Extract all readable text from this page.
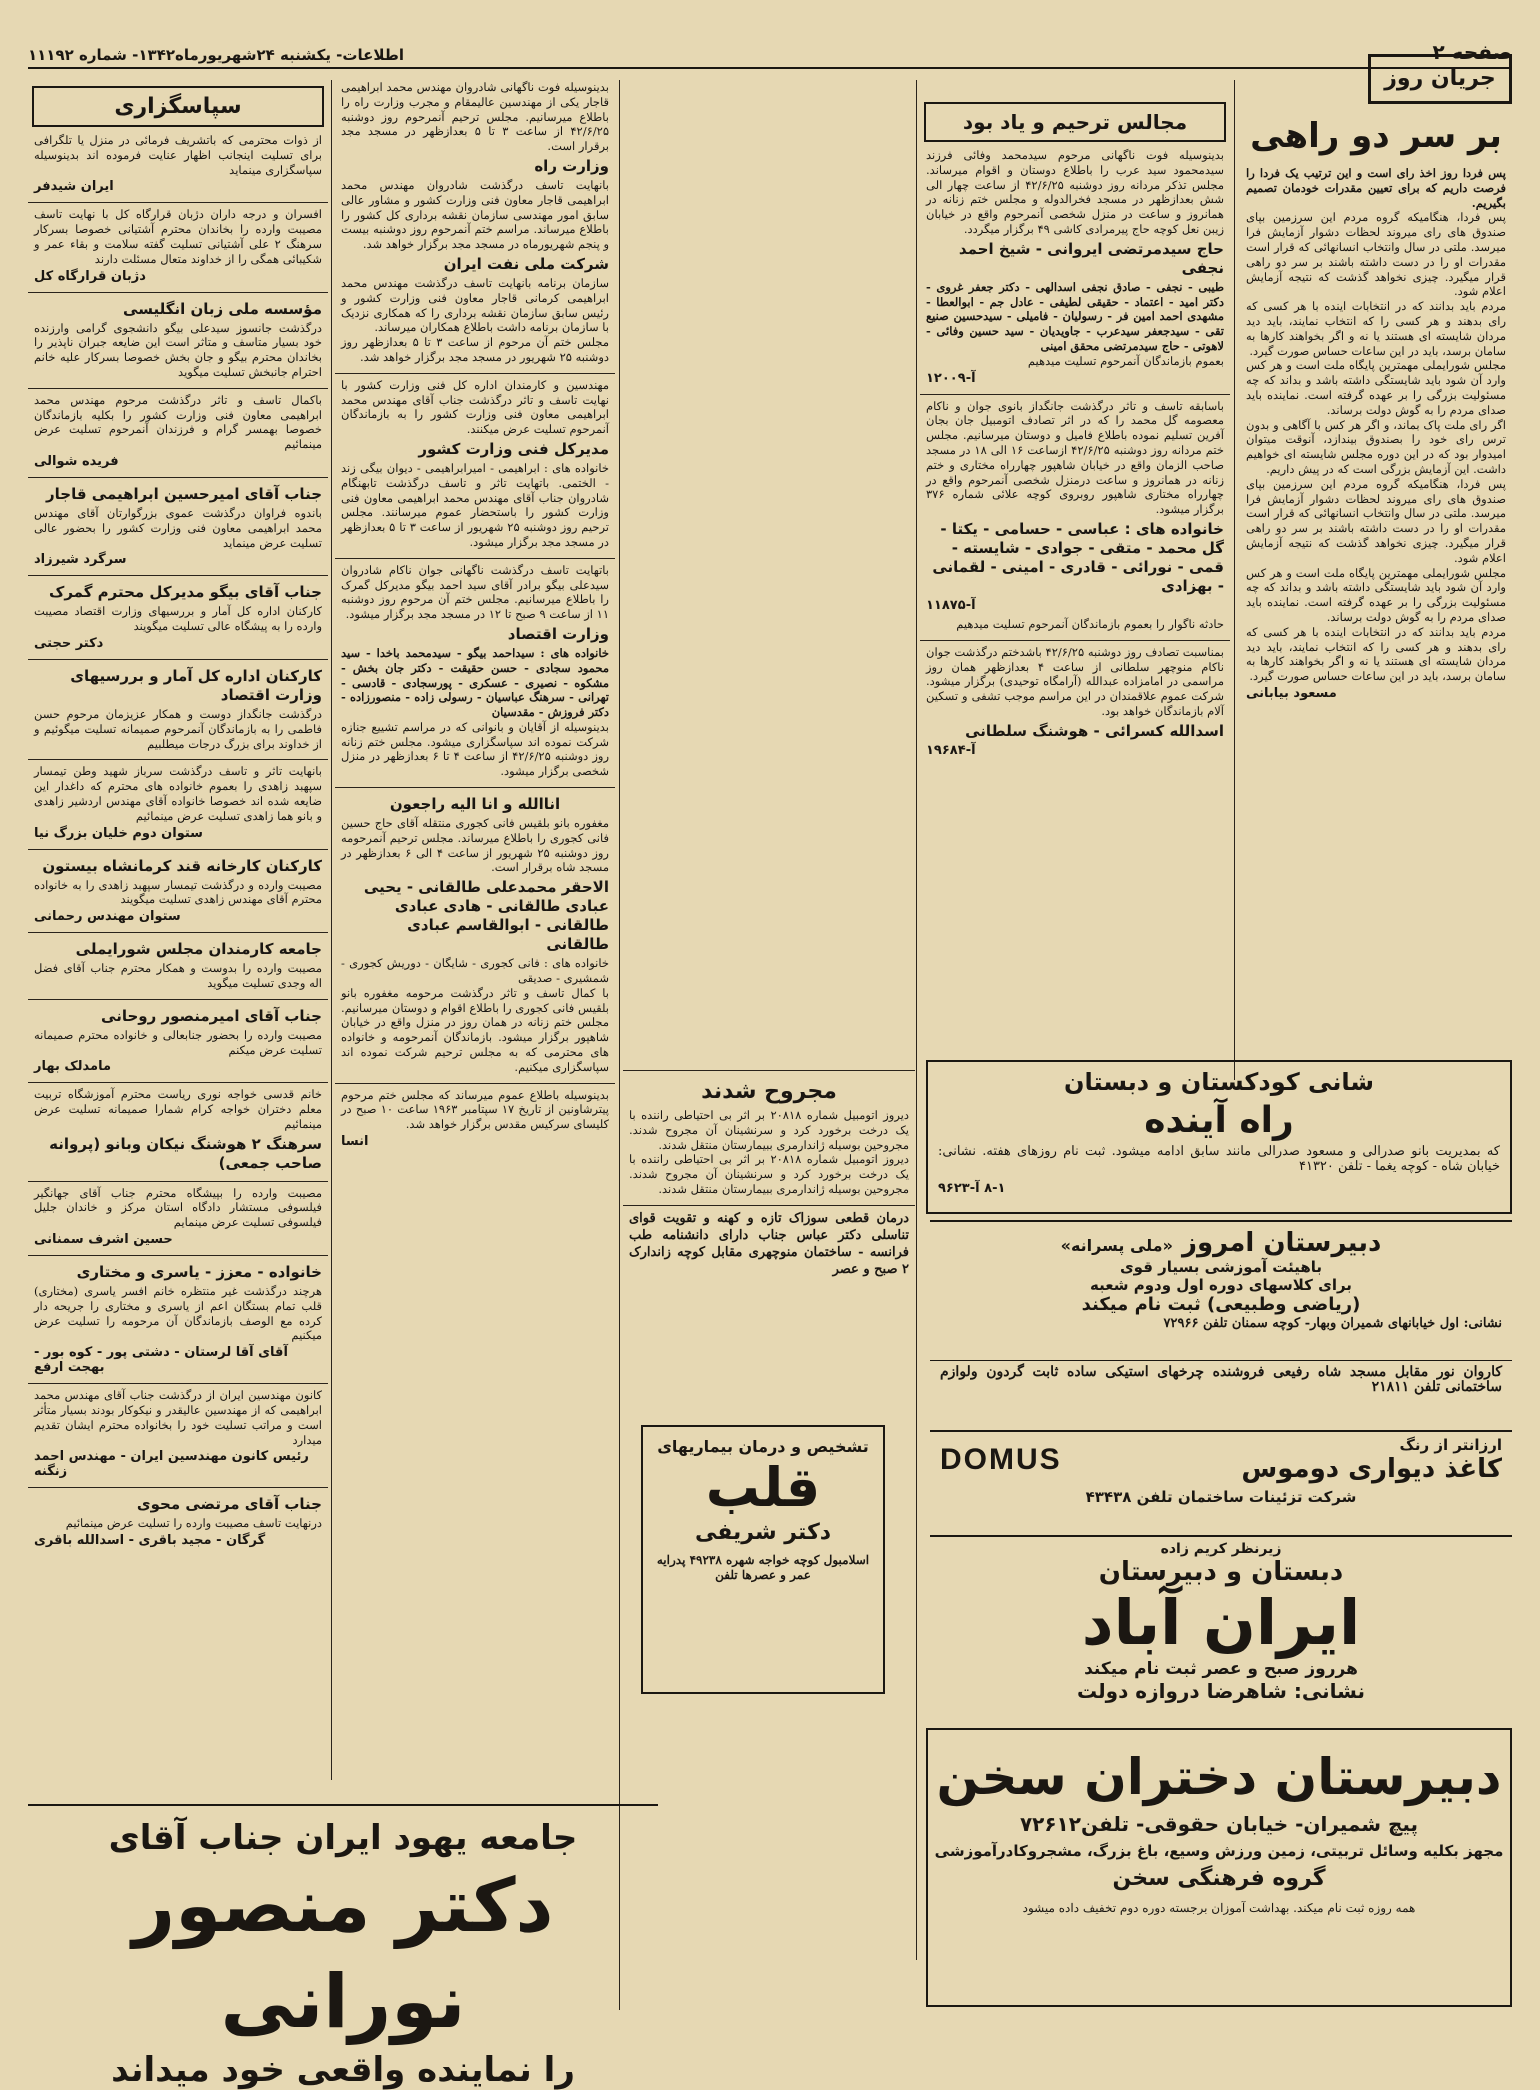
صفحه ۲
اطلاعات- یکشنبه ۲۴شهریورماه۱۳۴۲- شماره ۱۱۱۹۲
جریان روز
بر سر دو راهی

پس فردا روز اخذ رای است و این ترتیب یک فردا را فرصت داریم که برای تعیین مقدرات خودمان تصمیم بگیریم.

پس فردا، هنگامیکه گروه مردم این سرزمین بپای صندوق های رای میروند لحظات دشوار آزمایش فرا میرسد. ملتی در سال وانتخاب انسانهائی که قرار است مقدرات او را در دست داشته باشند بر سر دو راهی قرار میگیرد. چیزی نخواهد گذشت که نتیجه آزمایش اعلام شود.

مردم باید بدانند که در انتخابات اینده با هر کسی که رای بدهند و هر کسی را که انتخاب نمایند، باید دید مردان شایسته ای هستند یا نه و اگر بخواهند کارها به سامان برسد، باید در این ساعات حساس صورت گیرد.

مجلس شورایملی مهمترین پایگاه ملت است و هر کس وارد آن شود باید شایستگی داشته باشد و بداند که چه مسئولیت بزرگی را بر عهده گرفته است. نماینده باید صدای مردم را به گوش دولت برساند.

اگر رای ملت پاک بماند، و اگر هر کس با آگاهی و بدون ترس رای خود را بصندوق بیندازد، آنوقت میتوان امیدوار بود که در این دوره مجلس شایسته ای خواهیم داشت. این آزمایش بزرگی است که در پیش داریم.

پس فردا، هنگامیکه گروه مردم این سرزمین بپای صندوق های رای میروند لحظات دشوار آزمایش فرا میرسد. ملتی در سال وانتخاب انسانهائی که قرار است مقدرات او را در دست داشته باشند بر سر دو راهی قرار میگیرد. چیزی نخواهد گذشت که نتیجه آزمایش اعلام شود.

مجلس شورایملی مهمترین پایگاه ملت است و هر کس وارد آن شود باید شایستگی داشته باشد و بداند که چه مسئولیت بزرگی را بر عهده گرفته است. نماینده باید صدای مردم را به گوش دولت برساند.

مردم باید بدانند که در انتخابات اینده با هر کسی که رای بدهند و هر کسی را که انتخاب نمایند، باید دید مردان شایسته ای هستند یا نه و اگر بخواهند کارها به سامان برسد، باید در این ساعات حساس صورت گیرد.

مسعود بیابانی
شانی کودکستان و دبستان
راه آینده

که بمدیریت بانو صدرالی و مسعود صدرالی مانند سابق ادامه میشود. ثبت نام روزهای هفته. نشانی: خیابان شاه - کوچه یغما - تلفن ۴۱۳۲۰

۸-۱ آ-۹۶۲۳
دبیرستان امروز «ملی پسرانه»
باهیئت آموزشی بسیار قوی
برای کلاسهای دوره اول ودوم شعبه
(ریاضی وطبیعی) ثبت نام میکند
نشانی: اول خیابانهای شمیران وبهار- کوچه سمنان تلفن ۷۲۹۶۶

کاروان نور مقابل مسجد شاه رفیعی فروشنده چرخهای استیکی ساده ثابت گردون ولوازم ساختمانی تلفن ۲۱۸۱۱

ارزانتر از رنگ
کاغذ دیواری دوموس
DOMUS
شرکت تزئینات ساختمان تلفن ۴۳۴۳۸
زیرنظر کریم زاده
دبستان و دبیرستان
ایران آباد
هرروز صبح و عصر ثبت نام میکند
نشانی: شاهرضا دروازه دولت
دبیرستان دختران سخن
پیچ شمیران- خیابان حقوقی- تلفن۷۲۶۱۲
مجهز بکلیه وسائل تربیتی، زمین ورزش وسیع، باغ بزرگ، مشجروکادرآموزشی
گروه فرهنگی سخن
همه روزه ثبت نام میکند. بهداشت آموزان برجسته دوره دوم تخفیف داده میشود
مجالس ترحیم و یاد بود

بدینوسیله فوت ناگهانی مرحوم سیدمحمد وفائی فرزند سیدمحمود سید عرب را باطلاع دوستان و اقوام میرساند. مجلس تذکر مردانه روز دوشنبه ۴۲/۶/۲۵ از ساعت چهار الی شش بعدازظهر در مسجد فخرالدوله و مجلس ختم زنانه در همانروز و ساعت در منزل شخصی آنمرحوم واقع در خیابان زیبن نعل کوچه حاج پیرمرادی کاشی ۴۹ برگزار میگردد.

حاج سیدمرتضی ایروانی - شیخ احمد نجفی

طیبی - نجفی - صادق نجفی اسدالهی - دکتر جعفر غروی - دکتر امید - اعتماد - حقیقی لطیفی - عادل جم - ابوالعطا - مشهدی احمد امین فر - رسولیان - فامیلی - سیدحسین صنیع تقی - سیدجعفر سیدعرب - جاویدیان - سید حسین وفائی - لاهوتی - حاج سیدمرتضی محقق امینی

بعموم بازماندگان آنمرحوم تسلیت میدهیم

آ-۱۲۰۰۹

باسابقه تاسف و تاثر درگذشت جانگداز بانوی جوان و ناکام معصومه گل محمد را که در اثر تصادف اتومبیل جان بجان آفرین تسلیم نموده باطلاع فامیل و دوستان میرسانیم. مجلس ختم مردانه روز دوشنبه ۴۲/۶/۲۵ ازساعت ۱۶ الی ۱۸ در مسجد صاحب الزمان واقع در خیابان شاهپور چهارراه مختاری و ختم زنانه در همانروز و ساعت درمنزل شخصی آنمرحوم واقع در چهارراه مختاری شاهپور روبروی کوچه علائی شماره ۳۷۶ برگزار میشود.

خانواده های : عباسی - حسامی - یکتا - گل محمد - متقی - جوادی - شایسته - قمی - نورائی - قادری - امینی - لقمانی - بهزادی
آ-۱۱۸۷۵

حادثه ناگوار را بعموم بازماندگان آنمرحوم تسلیت میدهیم

بمناسبت تصادف روز دوشنبه ۴۲/۶/۲۵ باشدختم درگذشت جوان ناکام منوچهر سلطانی از ساعت ۴ بعدازظهر همان روز مراسمی در امامزاده عبدالله (آرامگاه توحیدی) برگزار میشود. شرکت عموم علاقمندان در این مراسم موجب تشفی و تسکین آلام بازماندگان خواهد بود.

اسدالله کسرائی - هوشنگ سلطانی
آ-۱۹۶۸۴
مجروح شدند

دیروز اتومبیل شماره ۲۰۸۱۸ بر اثر بی احتیاطی راننده با یک درخت برخورد کرد و سرنشینان آن مجروح شدند. مجروحین بوسیله ژاندارمری ببیمارستان منتقل شدند.

دیروز اتومبیل شماره ۲۰۸۱۸ بر اثر بی احتیاطی راننده با یک درخت برخورد کرد و سرنشینان آن مجروح شدند. مجروحین بوسیله ژاندارمری ببیمارستان منتقل شدند.

درمان قطعی سوزاک تازه و کهنه و تقویت قوای تناسلی دکتر عباس جناب دارای دانشنامه طب فرانسه - ساختمان منوچهری مقابل کوچه زاندارک ۲ صبح و عصر

تشخیص و درمان بیماریهای
قلب
دکتر شریفی

اسلامبول کوچه خواجه شهره ۴۹۲۳۸ پدرایه عمر و عصرها تلفن

بدینوسیله فوت ناگهانی شادروان مهندس محمد ابراهیمی قاجار یکی از مهندسین عالیمقام و مجرب وزارت راه را باطلاع میرسانیم. مجلس ترحیم آنمرحوم روز دوشنبه ۴۲/۶/۲۵ از ساعت ۳ تا ۵ بعدازظهر در مسجد مجد برقرار است.

وزارت راه

بانهایت تاسف درگذشت شادروان مهندس محمد ابراهیمی قاجار معاون فنی وزارت کشور و مشاور عالی سابق امور مهندسی سازمان نقشه برداری کل کشور را باطلاع میرساند. مراسم ختم آنمرحوم روز دوشنبه بیست و پنجم شهریورماه در مسجد مجد برگزار خواهد شد.

شرکت ملی نفت ایران

سازمان برنامه بانهایت تاسف درگذشت مهندس محمد ابراهیمی کرمانی قاجار معاون فنی وزارت کشور و رئیس سابق سازمان نقشه برداری را که همکاری نزدیک با سازمان برنامه داشت باطلاع همکاران میرساند.

مجلس ختم آن مرحوم از ساعت ۳ تا ۵ بعدازظهر روز دوشنبه ۲۵ شهریور در مسجد مجد برگزار خواهد شد.

مهندسین و کارمندان اداره کل فنی وزارت کشور با نهایت تاسف و تاثر درگذشت جناب آقای مهندس محمد ابراهیمی معاون فنی وزارت کشور را به بازماندگان آنمرحوم تسلیت عرض میکنند.

مدیرکل فنی وزارت کشور

خانواده های : ابراهیمی - امیرابراهیمی - دیوان بیگی زند - الختمی. باتهایت تاثر و تاسف درگذشت تابهنگام شادروان جناب آقای مهندس محمد ابراهیمی معاون فنی وزارت کشور را باستحضار عموم میرسانند. مجلس ترحیم روز دوشنبه ۲۵ شهریور از ساعت ۳ تا ۵ بعدازظهر در مسجد مجد برگزار میشود.

باتهایت تاسف درگذشت ناگهانی جوان ناکام شادروان سیدعلی بیگو برادر آقای سید احمد بیگو مدیرکل گمرک را باطلاع میرسانیم. مجلس ختم آن مرحوم روز دوشنبه ۱۱ از ساعت ۹ صبح تا ۱۲ در مسجد مجد برگزار میشود.

وزارت اقتصاد

خانواده های : سیداحمد بیگو - سیدمحمد باخدا - سید محمود سجادی - حسن حقیقت - دکتر جان بخش - مشکوه - نصیری - عسکری - پورسجادی - قادسی - تهرانی - سرهنگ عباسیان - رسولی زاده - منصورزاده - دکتر فروزش - مقدسیان

بدینوسیله از آقایان و بانوانی که در مراسم تشییع جنازه شرکت نموده اند سپاسگزاری میشود. مجلس ختم زنانه روز دوشنبه ۴۲/۶/۲۵ از ساعت ۴ تا ۶ بعدازظهر در منزل شخصی برگزار میشود.

اناالله و انا الیه راجعون

مغفوره بانو بلقیس فانی کجوری منتقله آقای حاج حسین فانی کجوری را باطلاع میرساند. مجلس ترحیم آنمرحومه روز دوشنبه ۲۵ شهریور از ساعت ۴ الی ۶ بعدازظهر در مسجد شاه برقرار است.

الاحقر محمدعلی طالقانی - یحیی عبادی طالقانی - هادی عبادی طالقانی - ابوالقاسم عبادی طالقانی

خانواده های : فانی کجوری - شایگان - دوریش کجوری - شمشیری - صدیقی

با کمال تاسف و تاثر درگذشت مرحومه مغفوره بانو بلقیس فانی کجوری را باطلاع اقوام و دوستان میرسانیم. مجلس ختم زنانه در همان روز در منزل واقع در خیابان شاهپور برگزار میشود. بازماندگان آنمرحومه و خانواده های محترمی که به مجلس ترحیم شرکت نموده اند سپاسگزاری میکنیم.

بدینوسیله باطلاع عموم میرساند که مجلس ختم مرحوم پیترشاونین از تاریخ ۱۷ سپتامبر ۱۹۶۳ ساعت ۱۰ صبح در کلیسای سرکیس مقدس برگزار خواهد شد.

انسا
سپاسگزاری

از ذوات محترمی که باتشریف فرمائی در منزل یا تلگرافی برای تسلیت اینجانب اظهار عنایت فرموده اند بدینوسیله سپاسگزاری مینماید

ایران شیدفر

افسران و درجه داران دژبان قرارگاه کل با نهایت تاسف مصیبت وارده را بخاندان محترم آشتیانی خصوصا بسرکار سرهنگ ۲ علی آشتیانی تسلیت گفته سلامت و بقاء عمر و شکیبائی همگی را از خداوند متعال مسئلت دارند

دژبان قرارگاه کل
مؤسسه ملی زبان انگلیسی

درگذشت جانسوز سیدعلی بیگو دانشجوی گرامی وارزنده خود بسیار متاسف و متاثر است این ضایعه جبران ناپذیر را بخاندان محترم بیگو و جان بخش خصوصا بسرکار عليه خانم احترام جانبخش تسلیت میگوید

باکمال تاسف و تاثر درگذشت مرحوم مهندس محمد ابراهیمی معاون فنی وزارت کشور را بکلیه بازماندگان خصوصا بهمسر گرام و فرزندان آنمرحوم تسلیت عرض مینمائیم

فریده شوالی
جناب آقای امیرحسین ابراهیمی قاجار

باندوه فراوان درگذشت عموی بزرگوارتان آقای مهندس محمد ابراهیمی معاون فنی وزارت کشور را بحضور عالی تسلیت عرض مینماید

سرگرد شیرزاد
جناب آقای بیگو مدیرکل محترم گمرک

کارکنان اداره کل آمار و بررسیهای وزارت اقتصاد مصیبت وارده را به پیشگاه عالی تسلیت میگویند

دکتر حجتی
کارکنان اداره کل آمار و بررسیهای وزارت اقتصاد

درگذشت جانگداز دوست و همکار عزیزمان مرحوم حسن فاطمی را به بازماندگان آنمرحوم صمیمانه تسلیت میگوئیم و از خداوند برای بزرگ درجات میطلبیم

بانهایت تاثر و تاسف درگذشت سرباز شهید وطن تیمسار سپهبد زاهدی را بعموم خانواده های محترم که داغدار این ضایعه شده اند خصوصا خانواده آقای مهندس اردشیر زاهدی و بانو هما زاهدی تسلیت عرض مینمائیم

ستوان دوم خلیان بزرگ نیا
کارکنان کارخانه قند کرمانشاه بیستون

مصیبت وارده و درگذشت تیمسار سپهبد زاهدی را به خانواده محترم آقای مهندس زاهدی تسلیت میگویند

ستوان مهندس رحمانی
جامعه کارمندان مجلس شورایملی

مصیبت وارده را بدوست و همکار محترم جناب آقای فضل اله وجدی تسلیت میگوید

جناب آقای امیرمنصور روحانی

مصیبت وارده را بحضور جنابعالی و خانواده محترم صمیمانه تسلیت عرض میکنم

مامدلک بهار

خانم قدسی خواجه نوری ریاست محترم آموزشگاه تربیت معلم دختران خواجه کرام شمارا صمیمانه تسلیت عرض مینمائیم

سرهنگ ۲ هوشنگ نیکان وبانو (پروانه صاحب جمعی)

مصیبت وارده را بپیشگاه محترم جناب آقای جهانگیر فیلسوفی مستشار دادگاه استان مرکز و خاندان جلیل فیلسوفی تسلیت عرض مینمایم

حسین اشرف سمنانی
خانواده - معزز - یاسری و مختاری

هرچند درگذشت غیر منتظره خانم افسر یاسری (مختاری) قلب تمام بستگان اعم از یاسری و مختاری را جریحه دار کرده مع الوصف بازماندگان آن مرحومه را تسلیت عرض میکنیم

آقای آقا لرستان - دشتی پور - کوه بور - بهجت ارفع

کانون مهندسین ایران از درگذشت جناب آقای مهندس محمد ابراهیمی که از مهندسین عالیقدر و نیکوکار بودند بسیار متأثر است و مراتب تسلیت خود را بخانواده محترم ایشان تقدیم میدارد

رئیس کانون مهندسین ایران - مهندس احمد زنگنه
جناب آقای مرتضی محوی

درنهایت تاسف مصیبت وارده را تسلیت عرض مینمائیم

گرگان - مجید باقری - اسدالله باقری
جامعه یهود ایران جناب آقای
دکتر منصور نورانی
را نماینده واقعی خود میداند
